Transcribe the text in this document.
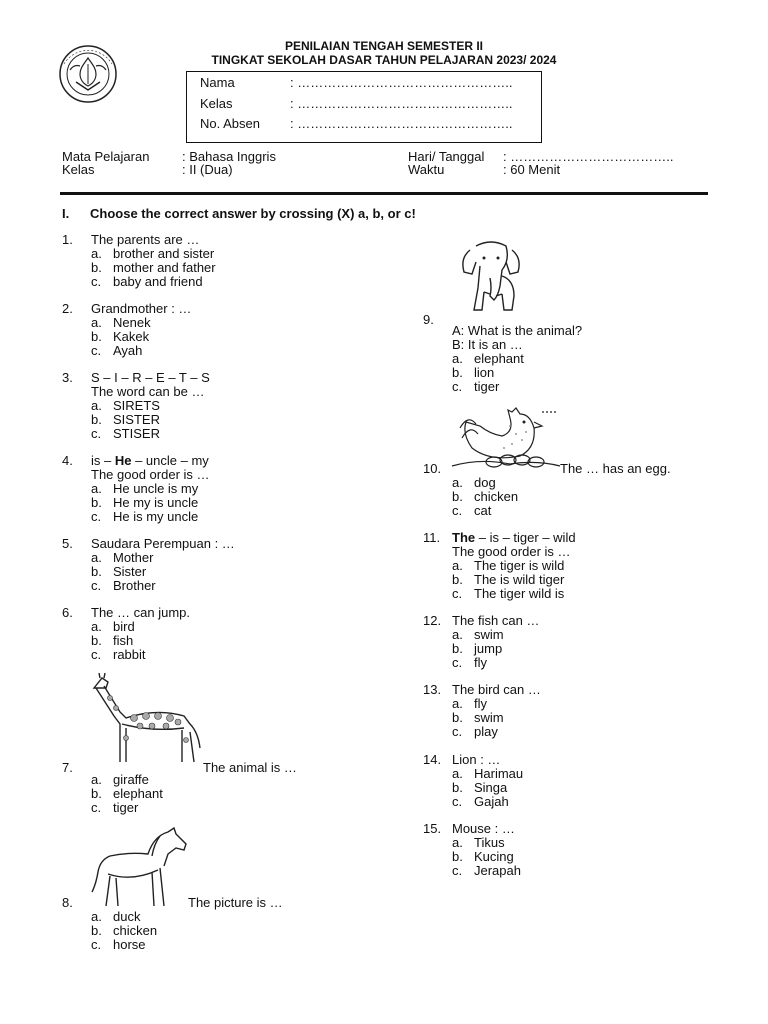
PENILAIAN TENGAH SEMESTER II
TINGKAT SEKOLAH DASAR TAHUN PELAJARAN 2023/ 2024
Nama	: …………………………………………..
Kelas	: …………………………………………..
No. Absen : …………………………………………..
Mata Pelajaran	: Bahasa Inggris
Kelas	: II (Dua)
Hari/ Tanggal : ………………………………..
Waktu	: 60 Menit
I. Choose the correct answer by crossing (X) a, b, or c!
1. The parents are …
a. brother and sister
b. mother and father
c. baby and friend
2. Grandmother : …
a. Nenek
b. Kakek
c. Ayah
3. S – I – R – E – T – S
The word can be …
a. SIRETS
b. SISTER
c. STISER
4. is – He – uncle – my
The good order is …
a. He uncle is my
b. He my is uncle
c. He is my uncle
5. Saudara Perempuan : …
a. Mother
b. Sister
c. Brother
6. The … can jump.
a. bird
b. fish
c. rabbit
7.	The animal is …
a. giraffe
b. elephant
c. tiger
8.	The picture is …
a. duck
b. chicken
c. horse
9.
A: What is the animal?
B: It is an …
a. elephant
b. lion
c. tiger
10.	The … has an egg.
a. dog
b. chicken
c. cat
11. The – is – tiger – wild
The good order is …
a. The tiger is wild
b. The is wild tiger
c. The tiger wild is
12. The fish can …
a. swim
b. jump
c. fly
13. The bird can …
a. fly
b. swim
c. play
14. Lion : …
a. Harimau
b. Singa
c. Gajah
15. Mouse : …
a. Tikus
b. Kucing
c. Jerapah
